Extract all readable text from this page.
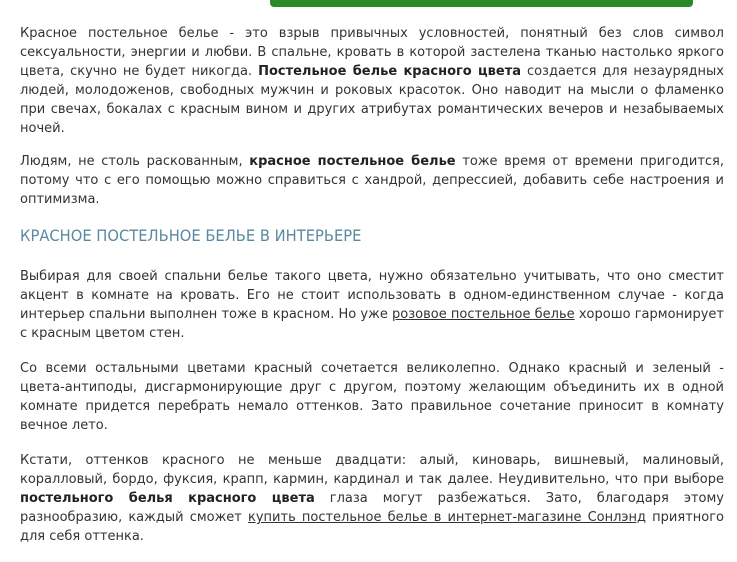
Красное постельное белье - это взрыв привычных условностей, понятный без слов символ сексуальности, энергии и любви. В спальне, кровать в которой застелена тканью настолько яркого цвета, скучно не будет никогда. Постельное белье красного цвета создается для незаурядных людей, молодоженов, свободных мужчин и роковых красоток. Оно наводит на мысли о фламенко при свечах, бокалах с красным вином и других атрибутах романтических вечеров и незабываемых ночей.

Людям, не столь раскованным, красное постельное белье тоже время от времени пригодится, потому что с его помощью можно справиться с хандрой, депрессией, добавить себе настроения и оптимизма.

КРАСНОЕ ПОСТЕЛЬНОЕ БЕЛЬЕ В ИНТЕРЬЕРЕ

Выбирая для своей спальни белье такого цвета, нужно обязательно учитывать, что оно сместит акцент в комнате на кровать. Его не стоит использовать в одном-единственном случае - когда интерьер спальни выполнен тоже в красном. Но уже розовое постельное белье хорошо гармонирует с красным цветом стен.

Со всеми остальными цветами красный сочетается великолепно. Однако красный и зеленый - цвета-антиподы, дисгармонирующие друг с другом, поэтому желающим объединить их в одной комнате придется перебрать немало оттенков. Зато правильное сочетание приносит в комнату вечное лето.

Кстати, оттенков красного не меньше двадцати: алый, киноварь, вишневый, малиновый, коралловый, бордо, фуксия, крапп, кармин, кардинал и так далее. Неудивительно, что при выборе постельного белья красного цвета глаза могут разбежаться. Зато, благодаря этому разнообразию, каждый сможет купить постельное белье в интернет-магазине Сонлэнд приятного для себя оттенка.
